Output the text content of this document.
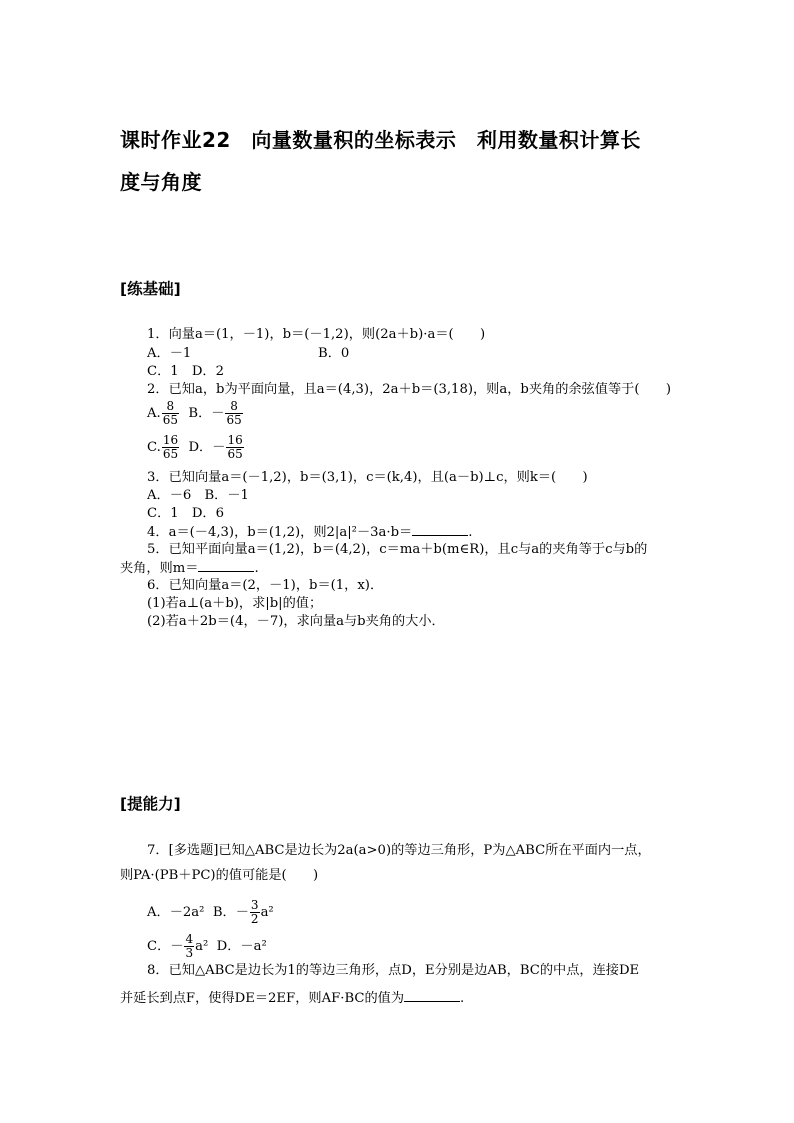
课时作业22　向量数量积的坐标表示　利用数量积计算长
度与角度
[练基础]
1．向量a＝(1，－1)，b＝(－1,2)，则(2a＋b)·a＝(　　)
A．－1	B．0
C．1　D．2
2．已知a，b为平面向量，且a＝(4,3)，2a＋b＝(3,18)，则a，b夹角的余弦值等于(　　)
A. $\frac{8}{65}$ B．－ $\frac{8}{65}$
C. $\frac{16}{65}$ D．－ $\frac{16}{65}$
3．已知向量a＝(－1,2)，b＝(3,1)，c＝(k,4)，且(a－b)⊥c，则k＝(　　)
A．－6　B．－1
C．1　D．6
4．a＝(－4,3)，b＝(1,2)，则2|a|²－3a·b＝	.
5．已知平面向量a＝(1,2)，b＝(4,2)，c＝ma＋b(m∈R)，且c与a的夹角等于c与b的
夹角，则m＝	.
6．已知向量a＝(2，－1)，b＝(1，x)．
(1)若a⊥(a＋b)，求|b|的值；
(2)若a＋2b＝(4，－7)，求向量a与b夹角的大小．
[提能力]
7．[多选题]已知△ABC是边长为2a(a>0)的等边三角形，P为△ABC所在平面内一点，
则PA·(PB＋PC)的值可能是(　　)
A．－2a² B．－ $\frac{3}{2} a^2$
C．－ $\frac{4}{3} a^2$ D．－a²
8．已知△ABC是边长为1的等边三角形，点D，E分别是边AB，BC的中点，连接DE
并延长到点F，使得DE＝2EF，则AF·BC的值为	.
